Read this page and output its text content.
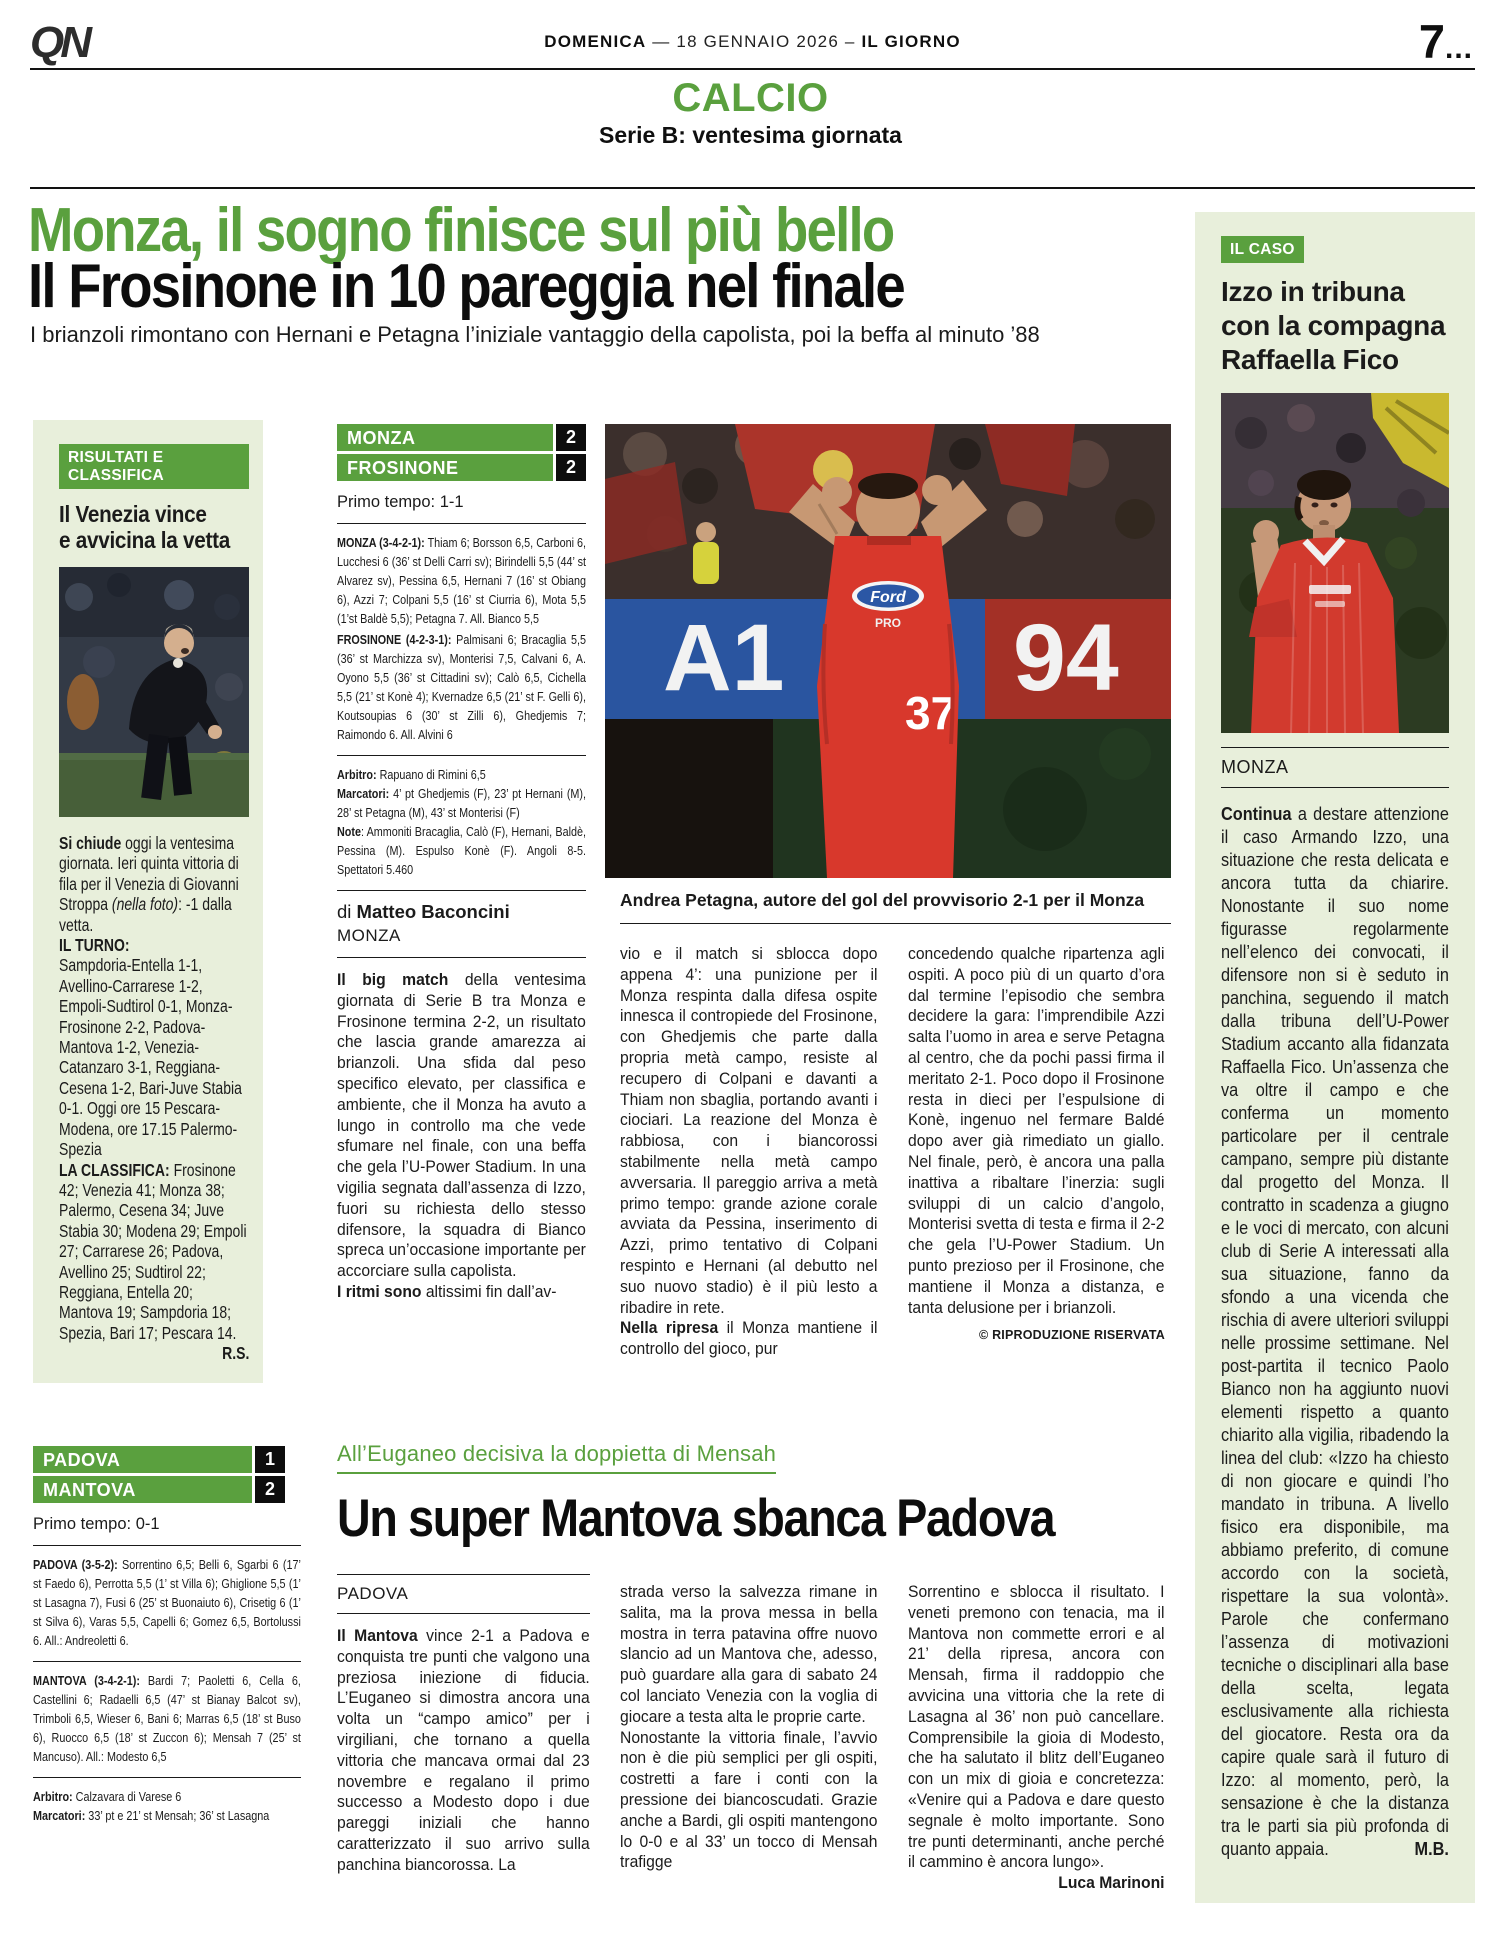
QN	DOMENICA — 18 GENNAIO 2026 – IL GIORNO	7...
CALCIO
Serie B: ventesima giornata
Monza, il sogno finisce sul più bello
Il Frosinone in 10 pareggia nel finale
I brianzoli rimontano con Hernani e Petagna l’iniziale vantaggio della capolista, poi la beffa al minuto ’88
RISULTATI E CLASSIFICA
Il Venezia vince
e avvicina la vetta

Si chiude oggi la ventesima giornata. Ieri quinta vittoria di fila per il Venezia di Giovanni Stroppa (nella foto): -1 dalla vetta.

IL TURNO:

Sampdoria-Entella 1-1, Avellino-Carrarese 1-2, Empoli-Sudtirol 0-1, Monza-Frosinone 2-2, Padova-Mantova 1-2, Venezia-Catanzaro 3-1, Reggiana-Cesena 1-2, Bari-Juve Stabia 0-1. Oggi ore 15 Pescara-Modena, ore 17.15 Palermo-Spezia

LA CLASSIFICA: Frosinone 42; Venezia 41; Monza 38; Palermo, Cesena 34; Juve Stabia 30; Modena 29; Empoli 27; Carrarese 26; Padova, Avellino 25; Sudtirol 22; Reggiana, Entella 20; Mantova 19; Sampdoria 18; Spezia, Bari 17; Pescara 14.
R.S.

MONZA	2
FROSINONE	2
Primo tempo: 1-1

MONZA (3-4-2-1): Thiam 6; Borsson 6,5, Carboni 6, Lucchesi 6 (36’ st Delli Carri sv); Birindelli 5,5 (44’ st Alvarez sv), Pessina 6,5, Hernani 7 (16’ st Obiang 6), Azzi 7; Colpani 5,5 (16’ st Ciurria 6), Mota 5,5 (1’st Baldè 5,5); Petagna 7. All. Bianco 5,5

FROSINONE (4-2-3-1): Palmisani 6; Bracaglia 5,5 (36’ st Marchizza sv), Monterisi 7,5, Calvani 6, A. Oyono 5,5 (36’ st Cittadini sv); Calò 6,5, Cichella 5,5 (21’ st Konè 4); Kvernadze 6,5 (21’ st F. Gelli 6), Koutsoupias 6 (30’ st Zilli 6), Ghedjemis 7; Raimondo 6. All. Alvini 6

Arbitro: Rapuano di Rimini 6,5

Marcatori: 4’ pt Ghedjemis (F), 23’ pt Hernani (M), 28’ st Petagna (M), 43’ st Monterisi (F)

Note: Ammoniti Bracaglia, Calò (F), Hernani, Baldè, Pessina (M). Espulso Konè (F). Angoli 8-5. Spettatori 5.460

di Matteo Baconcini
MONZA

Il big match della ventesima giornata di Serie B tra Monza e Frosinone termina 2-2, un risultato che lascia grande amarezza ai brianzoli. Una sfida dal peso specifico elevato, per classifica e ambiente, che il Monza ha avuto a lungo in controllo ma che vede sfumare nel finale, con una beffa che gela l’U-Power Stadium. In una vigilia segnata dall’assenza di Izzo, fuori su richiesta dello stesso difensore, la squadra di Bianco spreca un’occasione importante per accorciare sulla capolista.

I ritmi sono altissimi fin dall’av-

A1 94
Ford
PRO
37
Andrea Petagna, autore del gol del provvisorio 2-1 per il Monza

vio e il match si sblocca dopo appena 4’: una punizione per il Monza respinta dalla difesa ospite innesca il contropiede del Frosinone, con Ghedjemis che parte dalla propria metà campo, resiste al recupero di Colpani e davanti a Thiam non sbaglia, portando avanti i ciociari. La reazione del Monza è rabbiosa, con i biancorossi stabilmente nella metà campo avversaria. Il pareggio arriva a metà primo tempo: grande azione corale avviata da Pessina, inserimento di Azzi, primo tentativo di Colpani respinto e Hernani (al debutto nel suo nuovo stadio) è il più lesto a ribadire in rete.

Nella ripresa il Monza mantiene il controllo del gioco, pur

concedendo qualche ripartenza agli ospiti. A poco più di un quarto d’ora dal termine l’episodio che sembra decidere la gara: l’imprendibile Azzi salta l’uomo in area e serve Petagna al centro, che da pochi passi firma il meritato 2-1. Poco dopo il Frosinone resta in dieci per l’espulsione di Konè, ingenuo nel fermare Baldé dopo aver già rimediato un giallo. Nel finale, però, è ancora una palla inattiva a ribaltare l’inerzia: sugli sviluppi di un calcio d’angolo, Monterisi svetta di testa e firma il 2-2 che gela l’U-Power Stadium. Un punto prezioso per il Frosinone, che mantiene il Monza a distanza, e tanta delusione per i brianzoli.

© RIPRODUZIONE RISERVATA
IL CASO
Izzo in tribuna con la compagna Raffaella Fico
MONZA

Continua a destare attenzione il caso Armando Izzo, una situazione che resta delicata e ancora tutta da chiarire. Nonostante il suo nome figurasse regolarmente nell’elenco dei convocati, il difensore non si è seduto in panchina, seguendo il match dalla tribuna dell’U-Power Stadium accanto alla fidanzata Raffaella Fico. Un’assenza che va oltre il campo e che conferma un momento particolare per il centrale campano, sempre più distante dal progetto del Monza. Il contratto in scadenza a giugno e le voci di mercato, con alcuni club di Serie A interessati alla sua situazione, fanno da sfondo a una vicenda che rischia di avere ulteriori sviluppi nelle prossime settimane. Nel post-partita il tecnico Paolo Bianco non ha aggiunto nuovi elementi rispetto a quanto chiarito alla vigilia, ribadendo la linea del club: «Izzo ha chiesto di non giocare e quindi l’ho mandato in tribuna. A livello fisico era disponibile, ma abbiamo preferito, di comune accordo con la società, rispettare la sua volontà». Parole che confermano l’assenza di motivazioni tecniche o disciplinari alla base della scelta, legata esclusivamente alla richiesta del giocatore. Resta ora da capire quale sarà il futuro di Izzo: al momento, però, la sensazione è che la distanza tra le parti sia più profonda di quanto appaia.	M.B.

PADOVA	1
MANTOVA	2
Primo tempo: 0-1

PADOVA (3-5-2): Sorrentino 6,5; Belli 6, Sgarbi 6 (17’ st Faedo 6), Perrotta 5,5 (1’ st Villa 6); Ghiglione 5,5 (1’ st Lasagna 7), Fusi 6 (25’ st Buonaiuto 6), Crisetig 6 (1’ st Silva 6), Varas 5,5, Capelli 6; Gomez 6,5, Bortolussi 6. All.: Andreoletti 6.

MANTOVA (3-4-2-1): Bardi 7; Paoletti 6, Cella 6, Castellini 6; Radaelli 6,5 (47’ st Bianay Balcot sv), Trimboli 6,5, Wieser 6, Bani 6; Marras 6,5 (18’ st Buso 6), Ruocco 6,5 (18’ st Zuccon 6); Mensah 7 (25’ st Mancuso). All.: Modesto 6,5

Arbitro: Calzavara di Varese 6

Marcatori: 33’ pt e 21’ st Mensah; 36’ st Lasagna

All’Euganeo decisiva la doppietta di Mensah
Un super Mantova sbanca Padova
PADOVA

Il Mantova vince 2-1 a Padova e conquista tre punti che valgono una preziosa iniezione di fiducia. L’Euganeo si dimostra ancora una volta un “campo amico” per i virgiliani, che tornano a quella vittoria che mancava ormai dal 23 novembre e regalano il primo successo a Modesto dopo i due pareggi iniziali che hanno caratterizzato il suo arrivo sulla panchina biancorossa. La

strada verso la salvezza rimane in salita, ma la prova messa in bella mostra in terra patavina offre nuovo slancio ad un Mantova che, adesso, può guardare alla gara di sabato 24 col lanciato Venezia con la voglia di giocare a testa alta le proprie carte.

Nonostante la vittoria finale, l’avvio non è die più semplici per gli ospiti, costretti a fare i conti con la pressione dei biancoscudati. Grazie anche a Bardi, gli ospiti mantengono lo 0-0 e al 33’ un tocco di Mensah trafigge

Sorrentino e sblocca il risultato. I veneti premono con tenacia, ma il Mantova non commette errori e al 21’ della ripresa, ancora con Mensah, firma il raddoppio che avvicina una vittoria che la rete di Lasagna al 36’ non può cancellare. Comprensibile la gioia di Modesto, che ha salutato il blitz dell’Euganeo con un mix di gioia e concretezza: «Venire qui a Padova e dare questo segnale è molto importante. Sono tre punti determinanti, anche perché il cammino è ancora lungo».
Luca Marinoni
